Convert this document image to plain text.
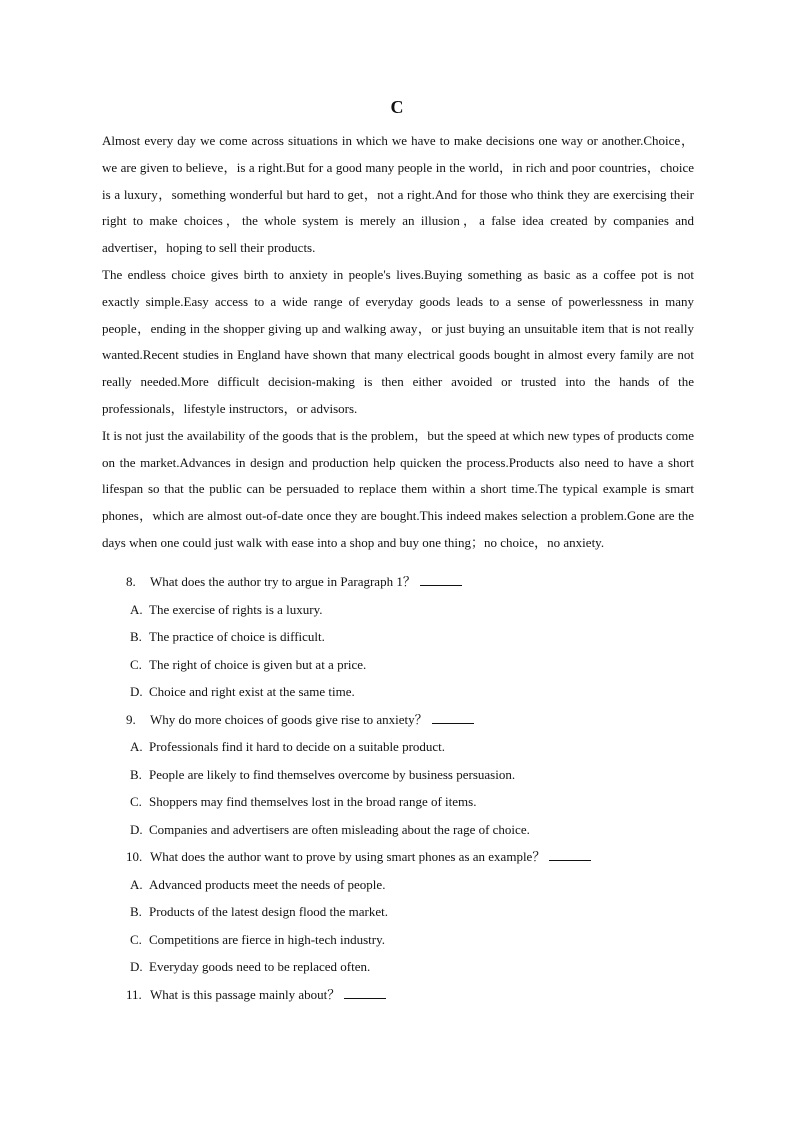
C

Almost every day we come across situations in which we have to make decisions one way or another.Choice，we are given to believe，is a right.But for a good many people in the world，in rich and poor countries，choice is a luxury，something wonderful but hard to get，not a right.And for those who think they are exercising their right to make choices，the whole system is merely an illusion，a false idea created by companies and advertiser，hoping to sell their products.

The endless choice gives birth to anxiety in people's lives.Buying something as basic as a coffee pot is not exactly simple.Easy access to a wide range of everyday goods leads to a sense of powerlessness in many people，ending in the shopper giving up and walking away，or just buying an unsuitable item that is not really wanted.Recent studies in England have shown that many electrical goods bought in almost every family are not really needed.More difficult decision-making is then either avoided or trusted into the hands of the professionals，lifestyle instructors，or advisors.

It is not just the availability of the goods that is the problem，but the speed at which new types of products come on the market.Advances in design and production help quicken the process.Products also need to have a short lifespan so that the public can be persuaded to replace them within a short time.The typical example is smart phones，which are almost out-of-date once they are bought.This indeed makes selection a problem.Gone are the days when one could just walk with ease into a shop and buy one thing；no choice，no anxiety.

8. What does the author try to argue in Paragraph 1？
A. The exercise of rights is a luxury.
B. The practice of choice is difficult.
C. The right of choice is given but at a price.
D. Choice and right exist at the same time.
9. Why do more choices of goods give rise to anxiety？
A. Professionals find it hard to decide on a suitable product.
B. People are likely to find themselves overcome by business persuasion.
C. Shoppers may find themselves lost in the broad range of items.
D. Companies and advertisers are often misleading about the rage of choice.
10. What does the author want to prove by using smart phones as an example？
A. Advanced products meet the needs of people.
B. Products of the latest design flood the market.
C. Competitions are fierce in high-tech industry.
D. Everyday goods need to be replaced often.
11. What is this passage mainly about？
